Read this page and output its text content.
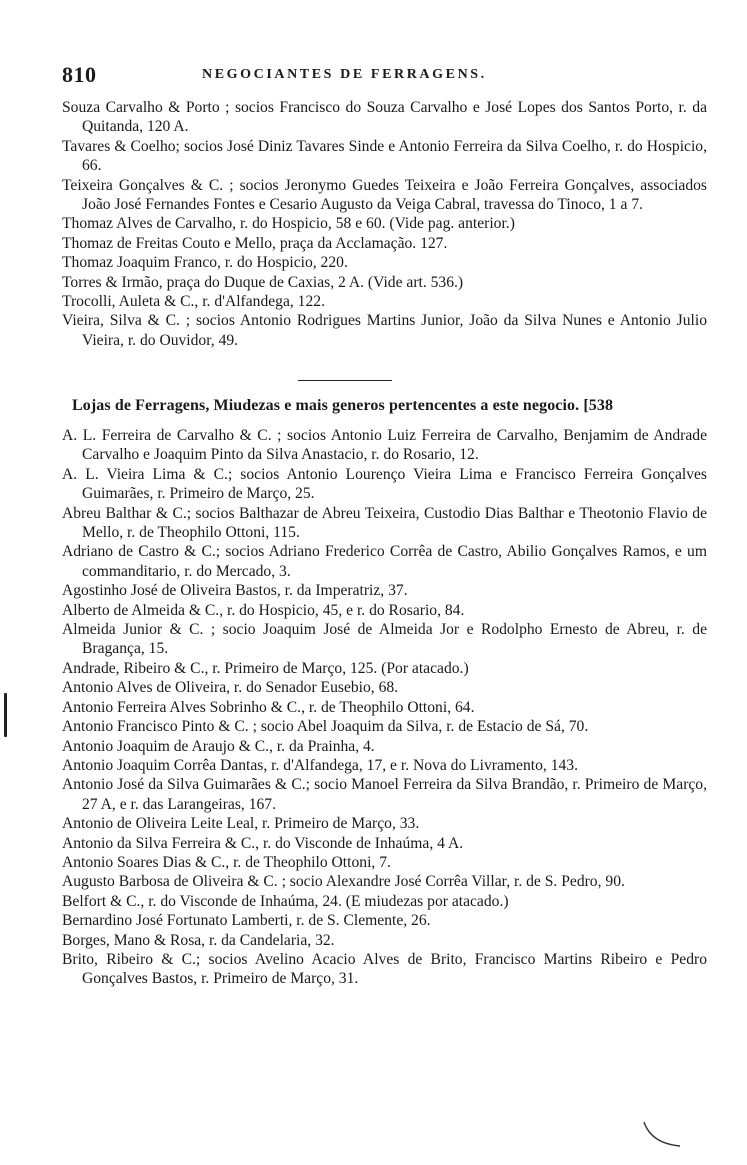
810	NEGOCIANTES DE FERRAGENS.

Souza Carvalho & Porto ; socios Francisco do Souza Carvalho e José Lopes dos Santos Porto, r. da Quitanda, 120 A.

Tavares & Coelho; socios José Diniz Tavares Sinde e Antonio Ferreira da Silva Coelho, r. do Hospicio, 66.

Teixeira Gonçalves & C. ; socios Jeronymo Guedes Teixeira e João Ferreira Gonçalves, associados João José Fernandes Fontes e Cesario Augusto da Veiga Cabral, travessa do Tinoco, 1 a 7.

Thomaz Alves de Carvalho, r. do Hospicio, 58 e 60. (Vide pag. anterior.)

Thomaz de Freitas Couto e Mello, praça da Acclamação. 127.

Thomaz Joaquim Franco, r. do Hospicio, 220.

Torres & Irmão, praça do Duque de Caxias, 2 A. (Vide art. 536.)

Trocolli, Auleta & C., r. d'Alfandega, 122.

Vieira, Silva & C. ; socios Antonio Rodrigues Martins Junior, João da Silva Nunes e Antonio Julio Vieira, r. do Ouvidor, 49.

Lojas de Ferragens, Miudezas e mais generos pertencentes a este negocio. [538

A. L. Ferreira de Carvalho & C. ; socios Antonio Luiz Ferreira de Carvalho, Benjamim de Andrade Carvalho e Joaquim Pinto da Silva Anastacio, r. do Rosario, 12.

A. L. Vieira Lima & C.; socios Antonio Lourenço Vieira Lima e Francisco Ferreira Gonçalves Guimarães, r. Primeiro de Março, 25.

Abreu Balthar & C.; socios Balthazar de Abreu Teixeira, Custodio Dias Balthar e Theotonio Flavio de Mello, r. de Theophilo Ottoni, 115.

Adriano de Castro & C.; socios Adriano Frederico Corrêa de Castro, Abilio Gonçalves Ramos, e um commanditario, r. do Mercado, 3.

Agostinho José de Oliveira Bastos, r. da Imperatriz, 37.

Alberto de Almeida & C., r. do Hospicio, 45, e r. do Rosario, 84.

Almeida Junior & C. ; socio Joaquim José de Almeida Jor e Rodolpho Ernesto de Abreu, r. de Bragança, 15.

Andrade, Ribeiro & C., r. Primeiro de Março, 125. (Por atacado.)

Antonio Alves de Oliveira, r. do Senador Eusebio, 68.

Antonio Ferreira Alves Sobrinho & C., r. de Theophilo Ottoni, 64.

Antonio Francisco Pinto & C. ; socio Abel Joaquim da Silva, r. de Estacio de Sá, 70.

Antonio Joaquim de Araujo & C., r. da Prainha, 4.

Antonio Joaquim Corrêa Dantas, r. d'Alfandega, 17, e r. Nova do Livramento, 143.

Antonio José da Silva Guimarães & C.; socio Manoel Ferreira da Silva Brandão, r. Primeiro de Março, 27 A, e r. das Larangeiras, 167.

Antonio de Oliveira Leite Leal, r. Primeiro de Março, 33.

Antonio da Silva Ferreira & C., r. do Visconde de Inhaúma, 4 A.

Antonio Soares Dias & C., r. de Theophilo Ottoni, 7.

Augusto Barbosa de Oliveira & C. ; socio Alexandre José Corrêa Villar, r. de S. Pedro, 90.

Belfort & C., r. do Visconde de Inhaúma, 24. (E miudezas por atacado.)

Bernardino José Fortunato Lamberti, r. de S. Clemente, 26.

Borges, Mano & Rosa, r. da Candelaria, 32.

Brito, Ribeiro & C.; socios Avelino Acacio Alves de Brito, Francisco Martins Ribeiro e Pedro Gonçalves Bastos, r. Primeiro de Março, 31.
